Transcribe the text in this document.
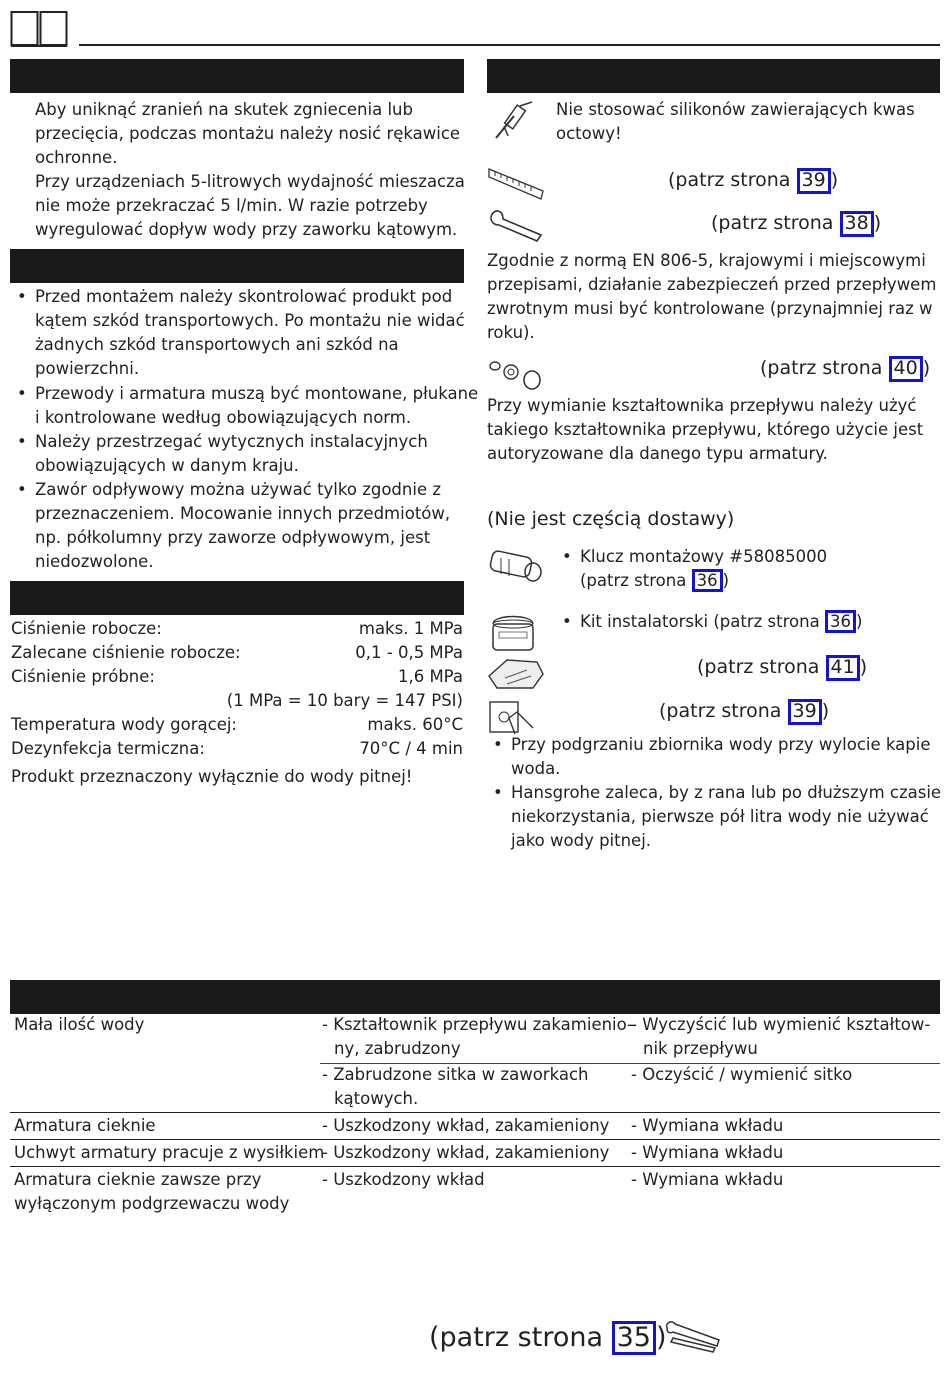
Aby uniknąć zranień na skutek zgniecenia lub
przecięcia, podczas montażu należy nosić rękawice
ochronne.
Przy urządzeniach 5-litrowych wydajność mieszacza
nie może przekraczać 5 l/min. W razie potrzeby
wyregulować dopływ wody przy zaworku kątowym.
• Przed montażem należy skontrolować produkt pod
kątem szkód transportowych. Po montażu nie widać
żadnych szkód transportowych ani szkód na
powierzchni.
• Przewody i armatura muszą być montowane, płukane
i kontrolowane według obowiązujących norm.
• Należy przestrzegać wytycznych instalacyjnych
obowiązujących w danym kraju.
• Zawór odpływowy można używać tylko zgodnie z
przeznaczeniem. Mocowanie innych przedmiotów,
np. półkolumny przy zaworze odpływowym, jest
niedozwolone.
Ciśnienie robocze:	maks. 1 MPa
Zalecane ciśnienie robocze:	0,1 - 0,5 MPa
Ciśnienie próbne:	1,6 MPa
(1 MPa = 10 bary = 147 PSI)
Temperatura wody gorącej:	maks. 60°C
Dezynfekcja termiczna:	70°C / 4 min
Produkt przeznaczony wyłącznie do wody pitnej!
Nie stosować silikonów zawierających kwas
octowy!
(patrz strona 39 )
(patrz strona 38 )
Zgodnie z normą EN 806-5, krajowymi i miejscowymi
przepisami, działanie zabezpieczeń przed przepływem
zwrotnym musi być kontrolowane (przynajmniej raz w
roku).
(patrz strona 40 )
Przy wymianie kształtownika przepływu należy użyć
takiego kształtownika przepływu, którego użycie jest
autoryzowane dla danego typu armatury.
(Nie jest częścią dostawy)
• Klucz montażowy #58085000
(patrz strona 36 )
• Kit instalatorski (patrz strona 36 )
(patrz strona 41 )
(patrz strona 39 )
• Przy podgrzaniu zbiornika wody przy wylocie kapie
woda.
• Hansgrohe zaleca, by z rana lub po dłuższym czasie
niekorzystania, pierwsze pół litra wody nie używać
jako wody pitnej.
Mała ilość wody	- Kształtownik przepływu zakamienio-
ny, zabrudzony
- Wyczyścić lub wymienić kształtow-
nik przepływu
- Zabrudzone sitka w zaworkach
kątowych.
- Oczyścić / wymienić sitko
Armatura cieknie	- Uszkodzony wkład, zakamieniony - Wymiana wkładu
Uchwyt armatury pracuje z wysiłkiem
- Uszkodzony wkład, zakamieniony - Wymiana wkładu
Armatura cieknie zawsze przy
wyłączonym podgrzewaczu wody
- Uszkodzony wkład	- Wymiana wkładu
(patrz strona 35 )
